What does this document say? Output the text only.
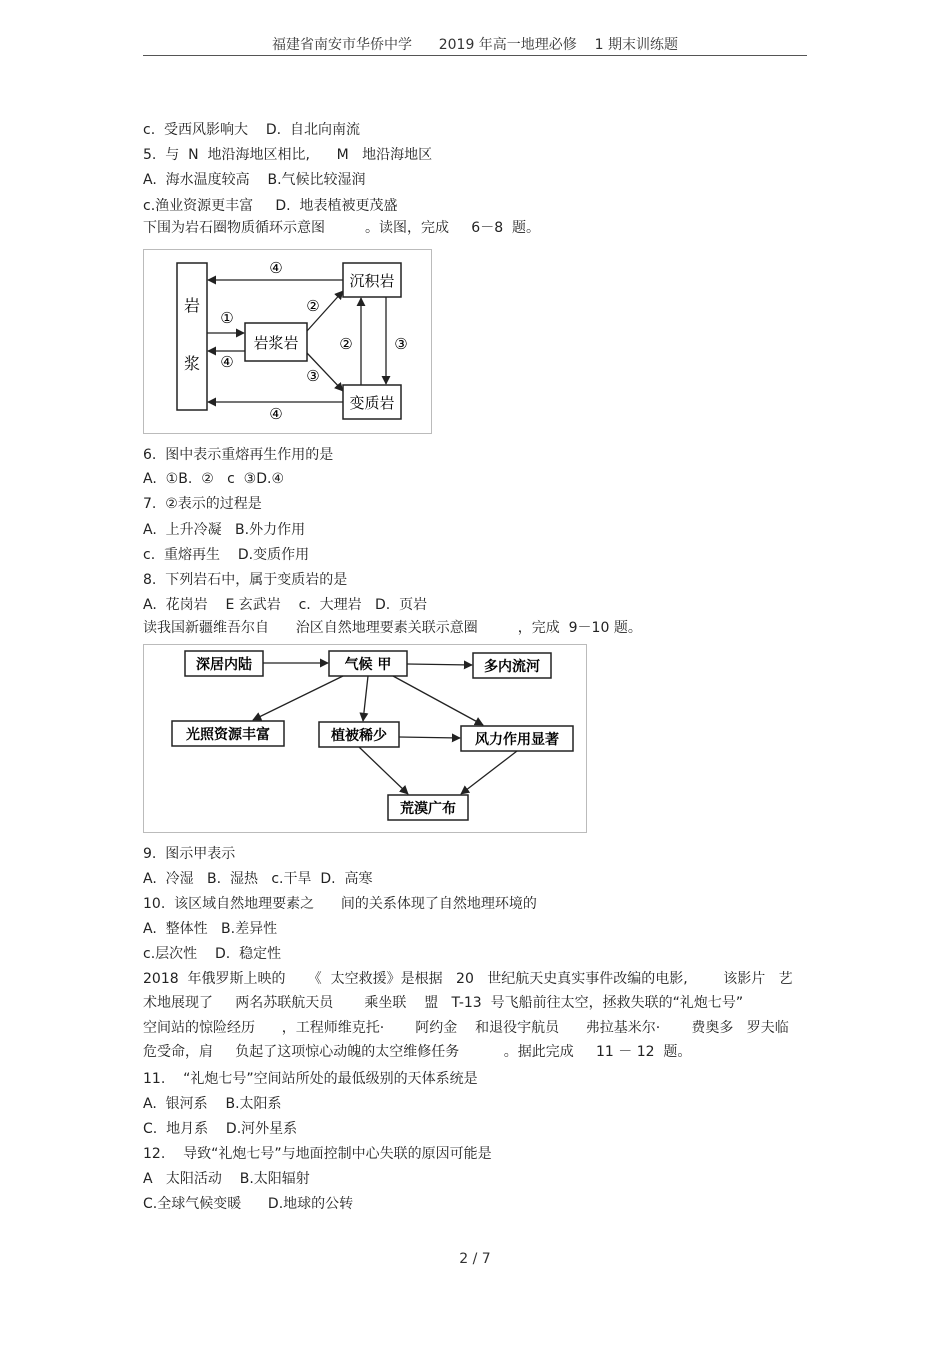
福建省南安市华侨中学      2019 年高一地理必修    1 期末训练题
c.  受西风影响大    D.  自北向南流
5.  与  N  地沿海地区相比,      M   地沿海地区
A.  海水温度较高    B.气候比较湿润
c.渔业资源更丰富     D.  地表植被更茂盛
下围为岩石圈物质循环示意图         。读图，完成     6－8  题。
岩
浆
岩浆岩
沉积岩
变质岩
④
④
①
④
②
③
②	③
6.  图中表示重熔再生作用的是
A.  ①B.  ②   c  ③D.④
7.  ②表示的过程是
A.  上升冷凝   B.外力作用
c.  重熔再生    D.变质作用
8.  下列岩石中，属于变质岩的是
A.  花岗岩    E 玄武岩    c.  大理岩   D.  页岩
读我国新疆维吾尔自      治区自然地理要素关联示意圈         ，完成  9－10 题。
深居内陆	气候 甲	多内流河
光照资源丰富	植被稀少	风力作用显著
荒漠广布
9.  图示甲表示
A.  冷湿   B.  湿热   c.干旱  D.  高寒
10.  该区域自然地理要素之      间的关系体现了自然地理环境的
A.  整体性   B.差异性
c.层次性    D.  稳定性
2018  年俄罗斯上映的     《  太空救援》是根据   20   世纪航天史真实事件改编的电影,        该影片   艺
术地展现了     两名苏联航天员       乘坐联    盟   T-13  号飞船前往太空，拯救失联的“礼炮七号”
空间站的惊险经历      ，工程师维克托·       阿约金    和退役宇航员      弗拉基米尔·       费奥多   罗夫临
危受命，肩     负起了这项惊心动魄的太空维修任务          。据此完成     11 － 12  题。
11.    “礼炮七号”空间站所处的最低级别的天体系统是
A.  银河系    B.太阳系
C.  地月系    D.河外星系
12.    导致“礼炮七号”与地面控制中心失联的原因可能是
A   太阳活动    B.太阳辐射
C.全球气候变暖      D.地球的公转
2 / 7
